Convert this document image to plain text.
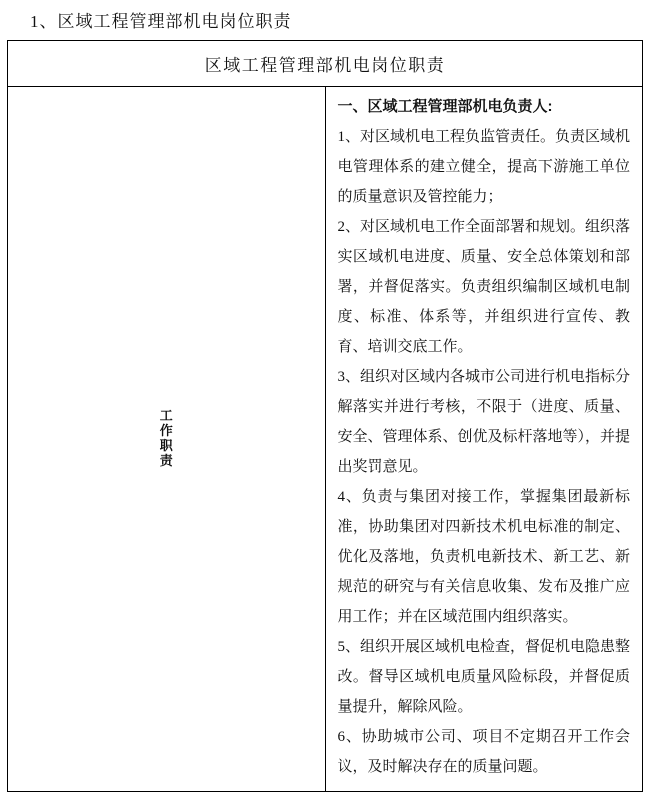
1、区域工程管理部机电岗位职责
区域工程管理部机电岗位职责
工作职责	

一、区域工程管理部机电负责人:

1、对区域机电工程负监管责任。负责区域机电管理体系的建立健全，提高下游施工单位的质量意识及管控能力；

2、对区域机电工作全面部署和规划。组织落实区域机电进度、质量、安全总体策划和部署，并督促落实。负责组织编制区域机电制度、标准、体系等，并组织进行宣传、教育、培训交底工作。

3、组织对区域内各城市公司进行机电指标分解落实并进行考核，不限于（进度、质量、安全、管理体系、创优及标杆落地等），并提出奖罚意见。

4、负责与集团对接工作，掌握集团最新标准，协助集团对四新技术机电标准的制定、优化及落地，负责机电新技术、新工艺、新规范的研究与有关信息收集、发布及推广应用工作；并在区域范围内组织落实。

5、组织开展区域机电检查，督促机电隐患整改。督导区域机电质量风险标段，并督促质量提升，解除风险。

6、协助城市公司、项目不定期召开工作会议，及时解决存在的质量问题。
